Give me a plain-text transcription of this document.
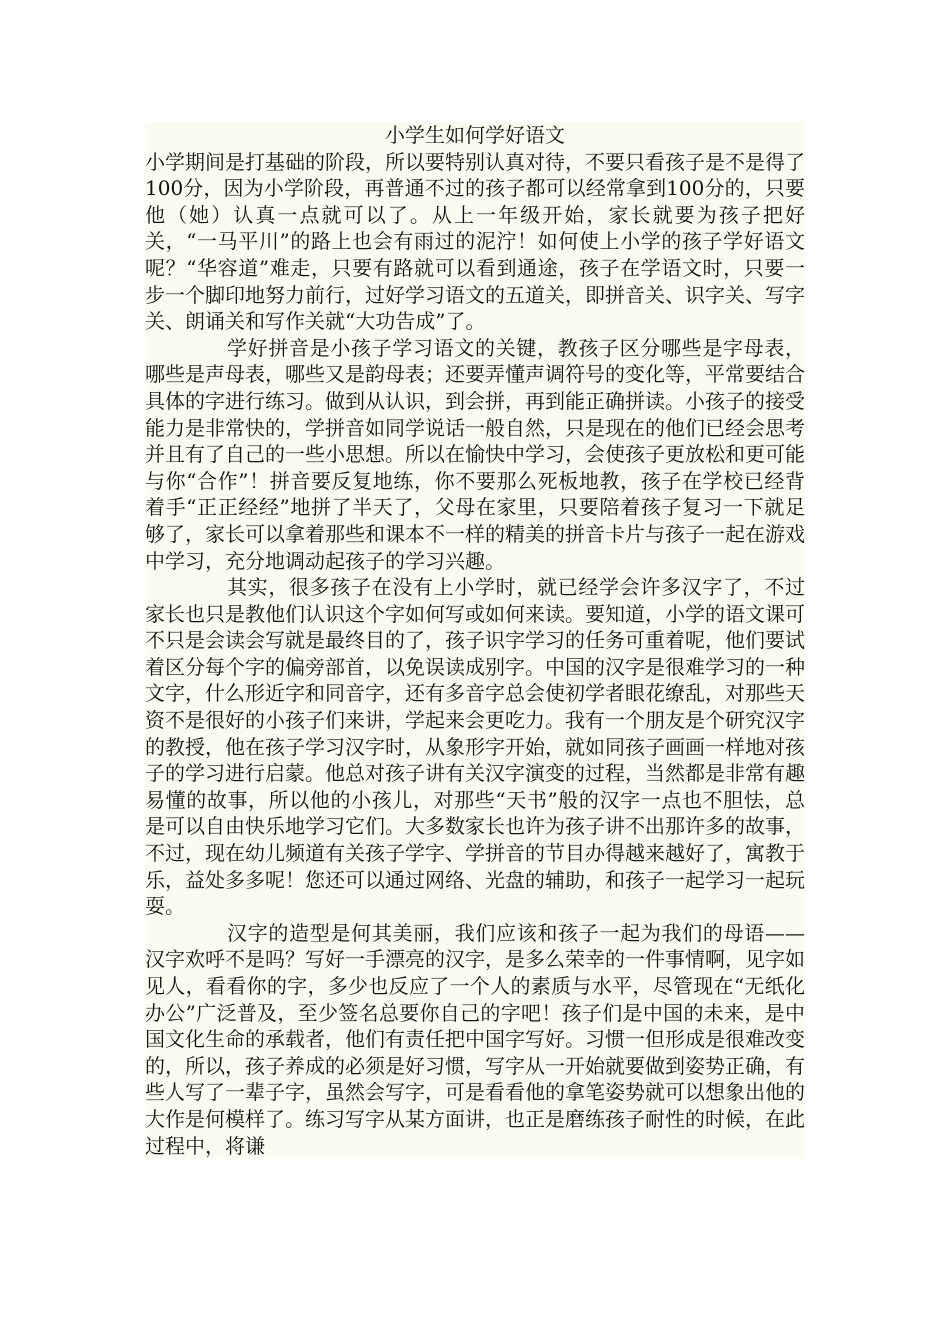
小学生如何学好语文

小学期间是打基础的阶段，所以要特别认真对待，不要只看孩子是不是得了100分，因为小学阶段，再普通不过的孩子都可以经常拿到100分的，只要他（她）认真一点就可以了。从上一年级开始，家长就要为孩子把好关，“一马平川”的路上也会有雨过的泥泞！如何使上小学的孩子学好语文呢？“华容道”难走，只要有路就可以看到通途，孩子在学语文时，只要一步一个脚印地努力前行，过好学习语文的五道关，即拼音关、识字关、写字关、朗诵关和写作关就“大功告成”了。

学好拼音是小孩子学习语文的关键，教孩子区分哪些是字母表，哪些是声母表，哪些又是韵母表；还要弄懂声调符号的变化等，平常要结合具体的字进行练习。做到从认识，到会拼，再到能正确拼读。小孩子的接受能力是非常快的，学拼音如同学说话一般自然，只是现在的他们已经会思考并且有了自己的一些小思想。所以在愉快中学习，会使孩子更放松和更可能与你“合作”！拼音要反复地练，你不要那么死板地教，孩子在学校已经背着手“正正经经”地拼了半天了，父母在家里，只要陪着孩子复习一下就足够了，家长可以拿着那些和课本不一样的精美的拼音卡片与孩子一起在游戏中学习，充分地调动起孩子的学习兴趣。

其实，很多孩子在没有上小学时，就已经学会许多汉字了，不过家长也只是教他们认识这个字如何写或如何来读。要知道，小学的语文课可不只是会读会写就是最终目的了，孩子识字学习的任务可重着呢，他们要试着区分每个字的偏旁部首，以免误读成别字。中国的汉字是很难学习的一种文字，什么形近字和同音字，还有多音字总会使初学者眼花缭乱，对那些天资不是很好的小孩子们来讲，学起来会更吃力。我有一个朋友是个研究汉字的教授，他在孩子学习汉字时，从象形字开始，就如同孩子画画一样地对孩子的学习进行启蒙。他总对孩子讲有关汉字演变的过程，当然都是非常有趣易懂的故事，所以他的小孩儿，对那些“天书”般的汉字一点也不胆怯，总是可以自由快乐地学习它们。大多数家长也许为孩子讲不出那许多的故事，不过，现在幼儿频道有关孩子学字、学拼音的节目办得越来越好了，寓教于乐，益处多多呢！您还可以通过网络、光盘的辅助，和孩子一起学习一起玩耍。

汉字的造型是何其美丽，我们应该和孩子一起为我们的母语——汉字欢呼不是吗？写好一手漂亮的汉字，是多么荣幸的一件事情啊，见字如见人，看看你的字，多少也反应了一个人的素质与水平，尽管现在“无纸化办公”广泛普及，至少签名总要你自己的字吧！孩子们是中国的未来，是中国文化生命的承载者，他们有责任把中国字写好。习惯一但形成是很难改变的，所以，孩子养成的必须是好习惯，写字从一开始就要做到姿势正确，有些人写了一辈子字，虽然会写字，可是看看他的拿笔姿势就可以想象出他的大作是何模样了。练习写字从某方面讲，也正是磨练孩子耐性的时候，在此过程中，将谦
